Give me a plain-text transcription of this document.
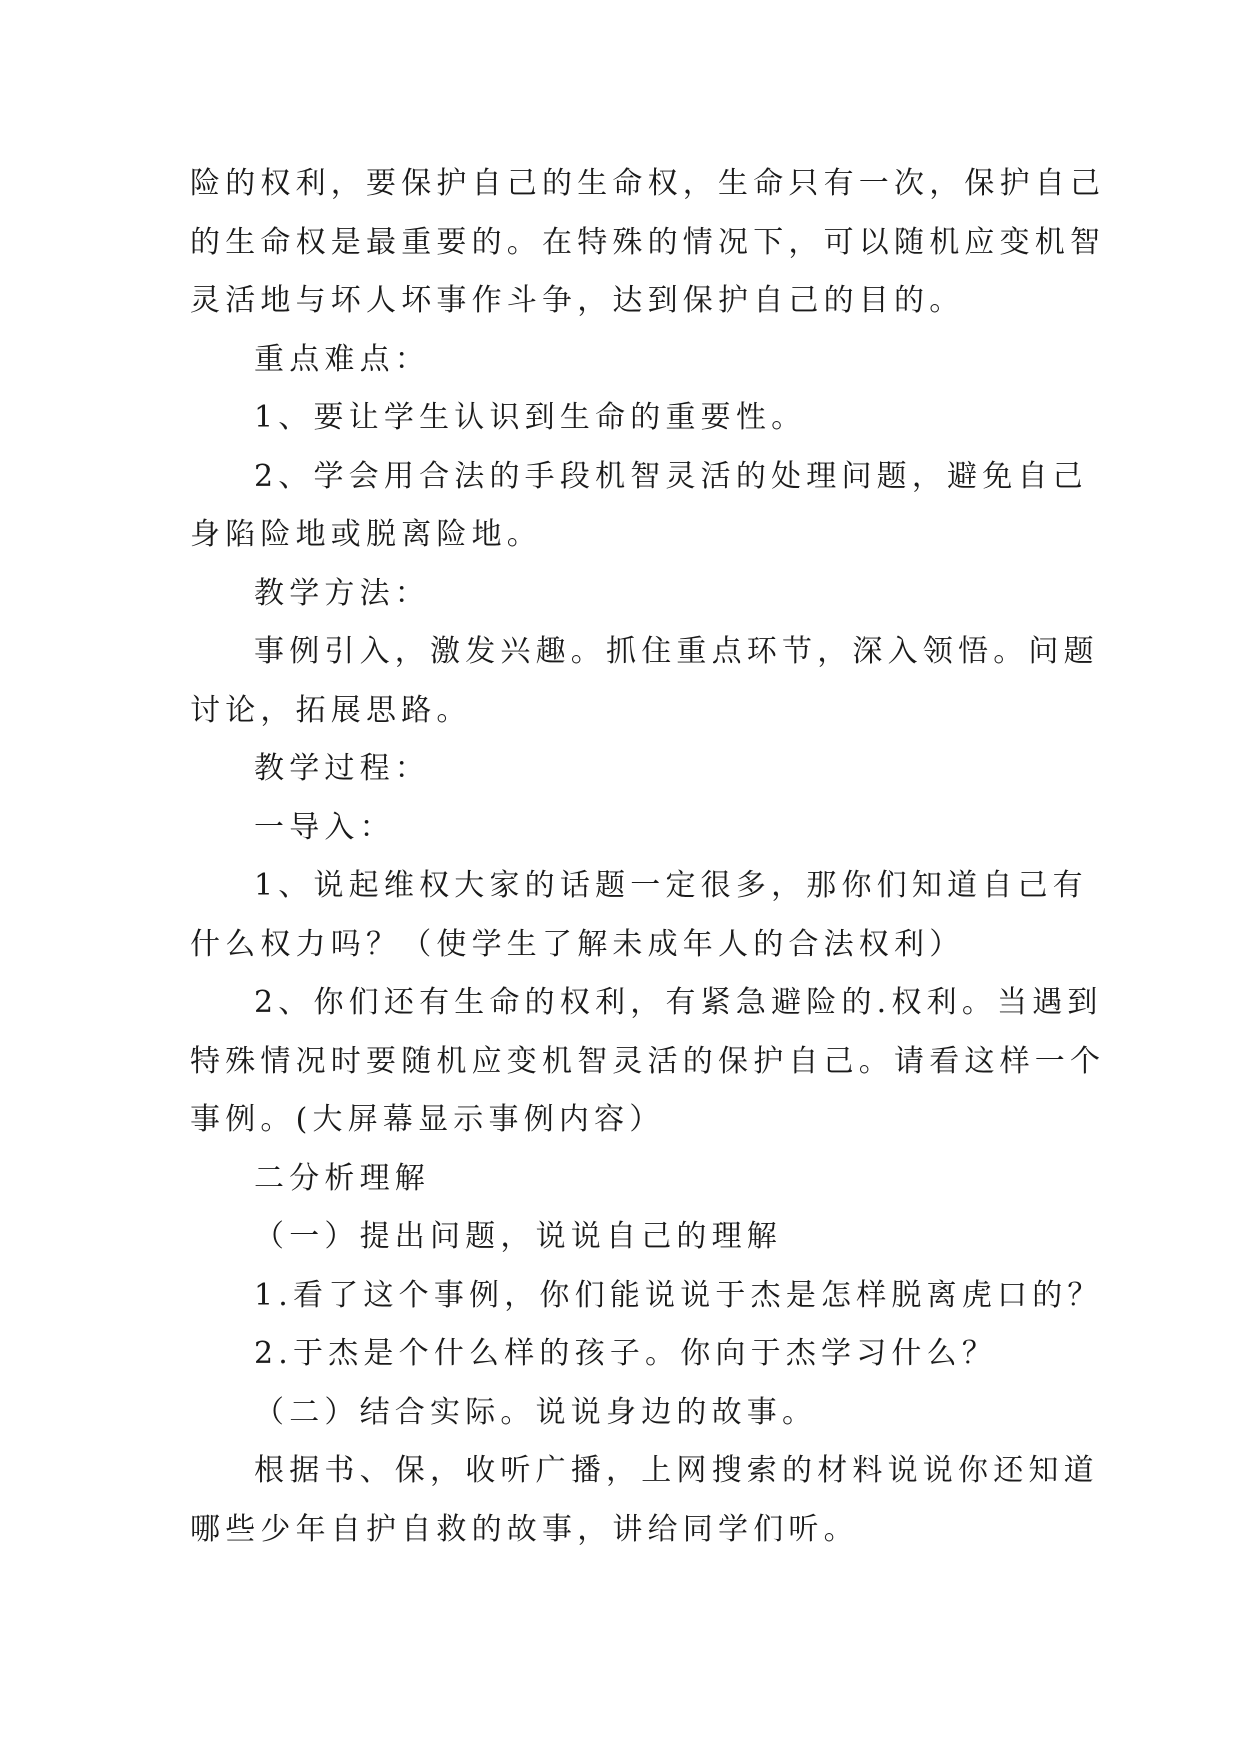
险的权利，要保护自己的生命权，生命只有一次，保护自己
的生命权是最重要的。在特殊的情况下，可以随机应变机智
灵活地与坏人坏事作斗争，达到保护自己的目的。
重点难点：
1、要让学生认识到生命的重要性。
2、学会用合法的手段机智灵活的处理问题，避免自己
身陷险地或脱离险地。
教学方法：
事例引入，激发兴趣。抓住重点环节，深入领悟。问题
讨论，拓展思路。
教学过程：
一导入：
1、说起维权大家的话题一定很多，那你们知道自己有
什么权力吗？（使学生了解未成年人的合法权利）
2、你们还有生命的权利，有紧急避险的.权利。当遇到
特殊情况时要随机应变机智灵活的保护自己。请看这样一个
事例。(大屏幕显示事例内容）
二分析理解
（一）提出问题，说说自己的理解
1.看了这个事例，你们能说说于杰是怎样脱离虎口的？
2.于杰是个什么样的孩子。你向于杰学习什么？
（二）结合实际。说说身边的故事。
根据书、保，收听广播，上网搜索的材料说说你还知道
哪些少年自护自救的故事，讲给同学们听。
